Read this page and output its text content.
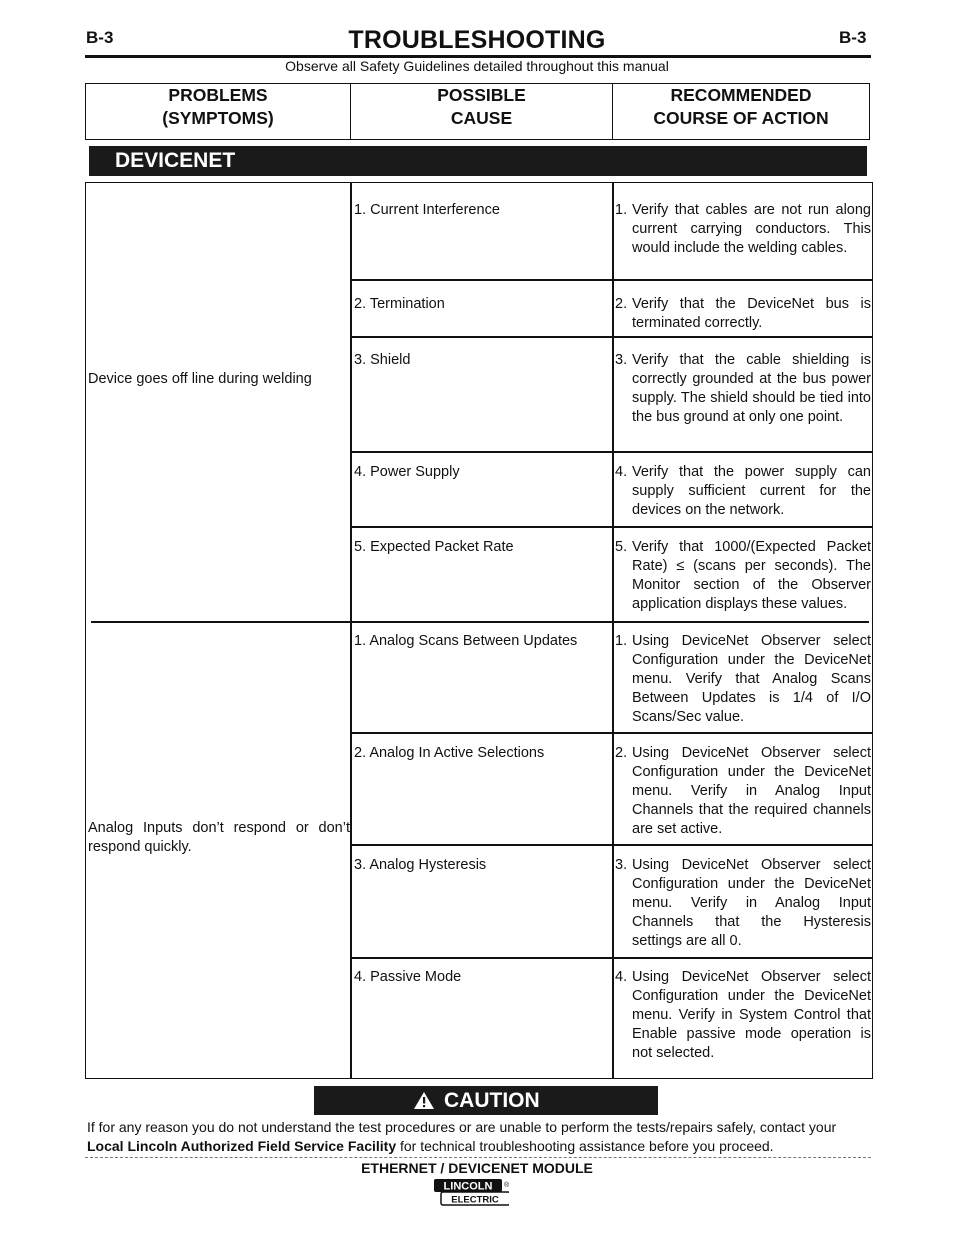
B-3	B-3
TROUBLESHOOTING
Observe all Safety Guidelines detailed throughout this manual
PROBLEMS
(SYMPTOMS)
POSSIBLE
CAUSE
RECOMMENDED
COURSE OF ACTION
DEVICENET
Device goes off line during welding
1. Current Interference	1. Verify that cables are not run along current carrying conductors. This would include the welding cables.
2. Termination	2. Verify that the DeviceNet bus is terminated correctly.
3. Shield	3. Verify that the cable shielding is correctly grounded at the bus power supply. The shield should be tied into the bus ground at only one point.
4. Power Supply	4. Verify that the power supply can supply sufficient current for the devices on the network.
5. Expected Packet Rate	5. Verify that 1000/(Expected Packet Rate) ≤ (scans per seconds). The Monitor section of the Observer application displays these values.
Analog Inputs don’t respond or don’t respond quickly.
1. Analog Scans Between Updates	1. Using DeviceNet Observer select Configuration under the DeviceNet menu. Verify that Analog Scans Between Updates is 1/4 of I/O Scans/Sec value.
2. Analog In Active Selections	2. Using DeviceNet Observer select Configuration under the DeviceNet menu. Verify in Analog Input Channels that the required channels are set active.
3. Analog Hysteresis	3. Using DeviceNet Observer select Configuration under the DeviceNet menu. Verify in Analog Input Channels that the Hysteresis settings are all 0.
4. Passive Mode	4. Using DeviceNet Observer select Configuration under the DeviceNet menu. Verify in System Control that Enable passive mode operation is not selected.
CAUTION
If for any reason you do not understand the test procedures or are unable to perform the tests/repairs safely, contact your Local Lincoln Authorized Field Service Facility for technical troubleshooting assistance before you proceed.
ETHERNET / DEVICENET MODULE
LINCOLN
ELECTRIC
®
